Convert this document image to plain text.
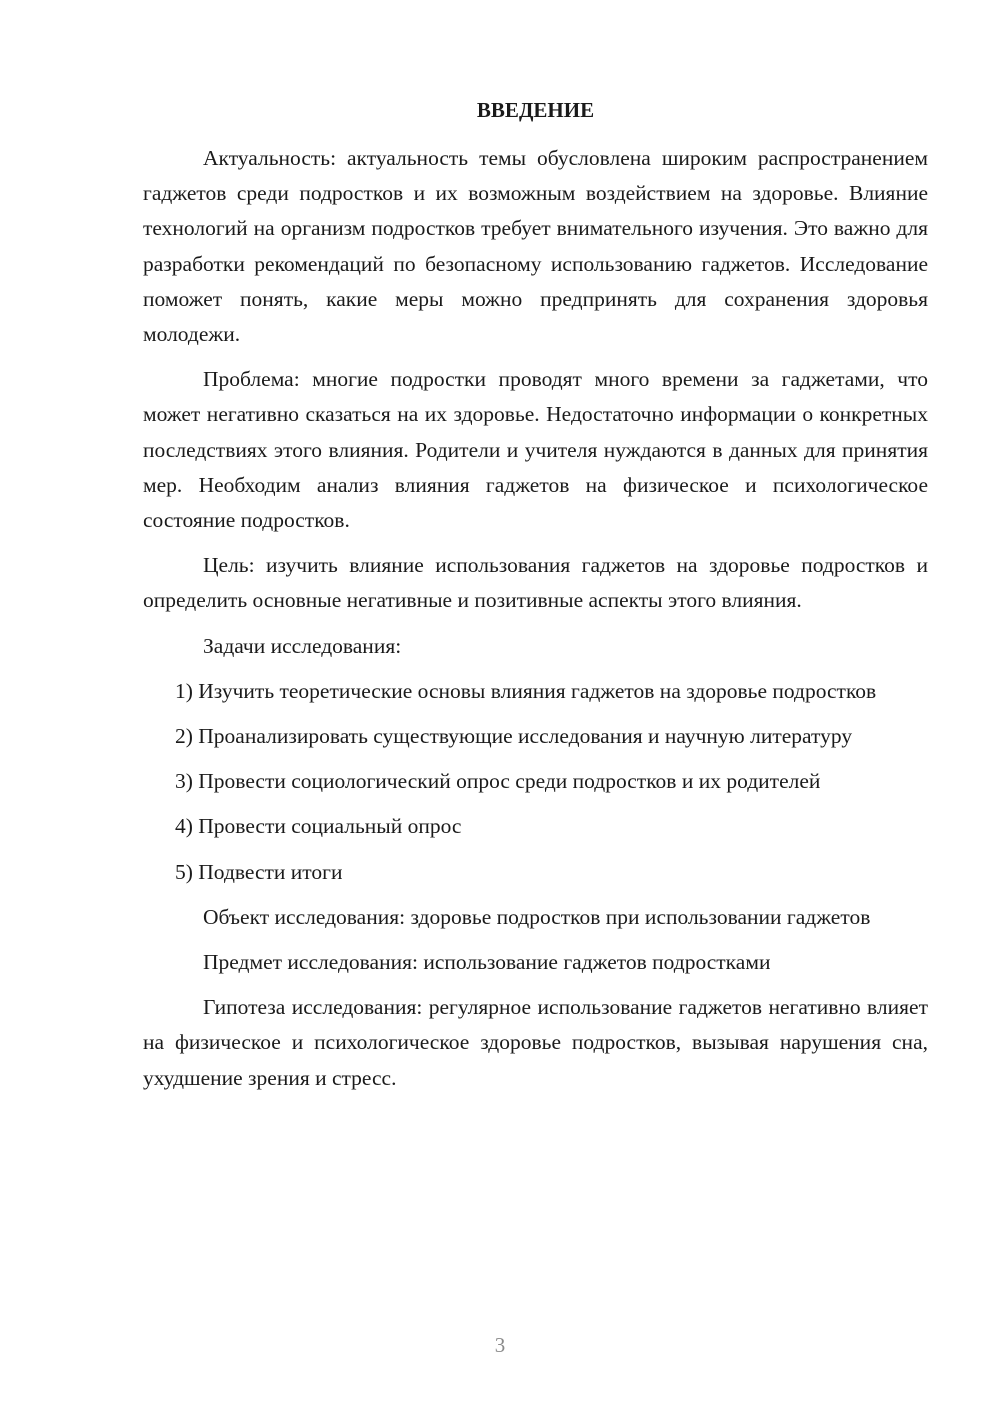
ВВЕДЕНИЕ

Актуальность: актуальность темы обусловлена широким распространением гаджетов среди подростков и их возможным воздействием на здоровье. Влияние технологий на организм подростков требует внимательного изучения. Это важно для разработки рекомендаций по безопасному использованию гаджетов. Исследование поможет понять, какие меры можно предпринять для сохранения здоровья молодежи.

Проблема: многие подростки проводят много времени за гаджетами, что может негативно сказаться на их здоровье. Недостаточно информации о конкретных последствиях этого влияния. Родители и учителя нуждаются в данных для принятия мер. Необходим анализ влияния гаджетов на физическое и психологическое состояние подростков.

Цель: изучить влияние использования гаджетов на здоровье подростков и определить основные негативные и позитивные аспекты этого влияния.

Задачи исследования:

1) Изучить теоретические основы влияния гаджетов на здоровье подростков

2) Проанализировать существующие исследования и научную литературу

3) Провести социологический опрос среди подростков и их родителей

4) Провести социальный опрос

5) Подвести итоги

Объект исследования: здоровье подростков при использовании гаджетов

Предмет исследования: использование гаджетов подростками

Гипотеза исследования: регулярное использование гаджетов негативно влияет на физическое и психологическое здоровье подростков, вызывая нарушения сна, ухудшение зрения и стресс.

3
